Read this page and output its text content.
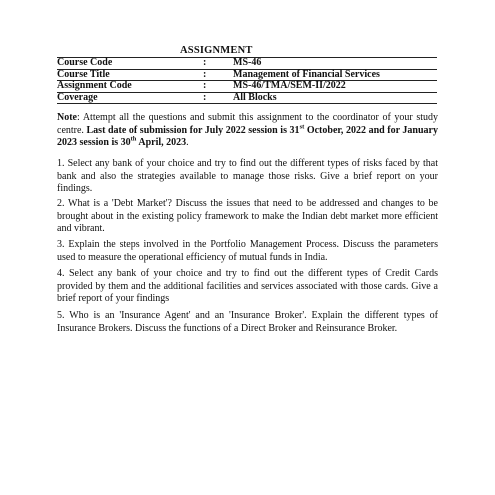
ASSIGNMENT
Course Code	:	MS-46
Course Title	:	Management of Financial Services
Assignment Code	:	MS-46/TMA/SEM-II/2022
Coverage	:	All Blocks
Note: Attempt all the questions and submit this assignment to the coordinator of your study centre. Last date of submission for July 2022 session is 31st October, 2022 and for January 2023 session is 30th April, 2023.
1. Select any bank of your choice and try to find out the different types of risks faced by that bank and also the strategies available to manage those risks. Give a brief report on your findings.
2. What is a 'Debt Market'? Discuss the issues that need to be addressed and changes to be brought about in the existing policy framework to make the Indian debt market more efficient and vibrant.
3. Explain the steps involved in the Portfolio Management Process. Discuss the parameters used to measure the operational efficiency of mutual funds in India.
4. Select any bank of your choice and try to find out the different types of Credit Cards provided by them and the additional facilities and services associated with those cards. Give a brief report of your findings
5. Who is an 'Insurance Agent' and an 'Insurance Broker'. Explain the different types of Insurance Brokers. Discuss the functions of a Direct Broker and Reinsurance Broker.
